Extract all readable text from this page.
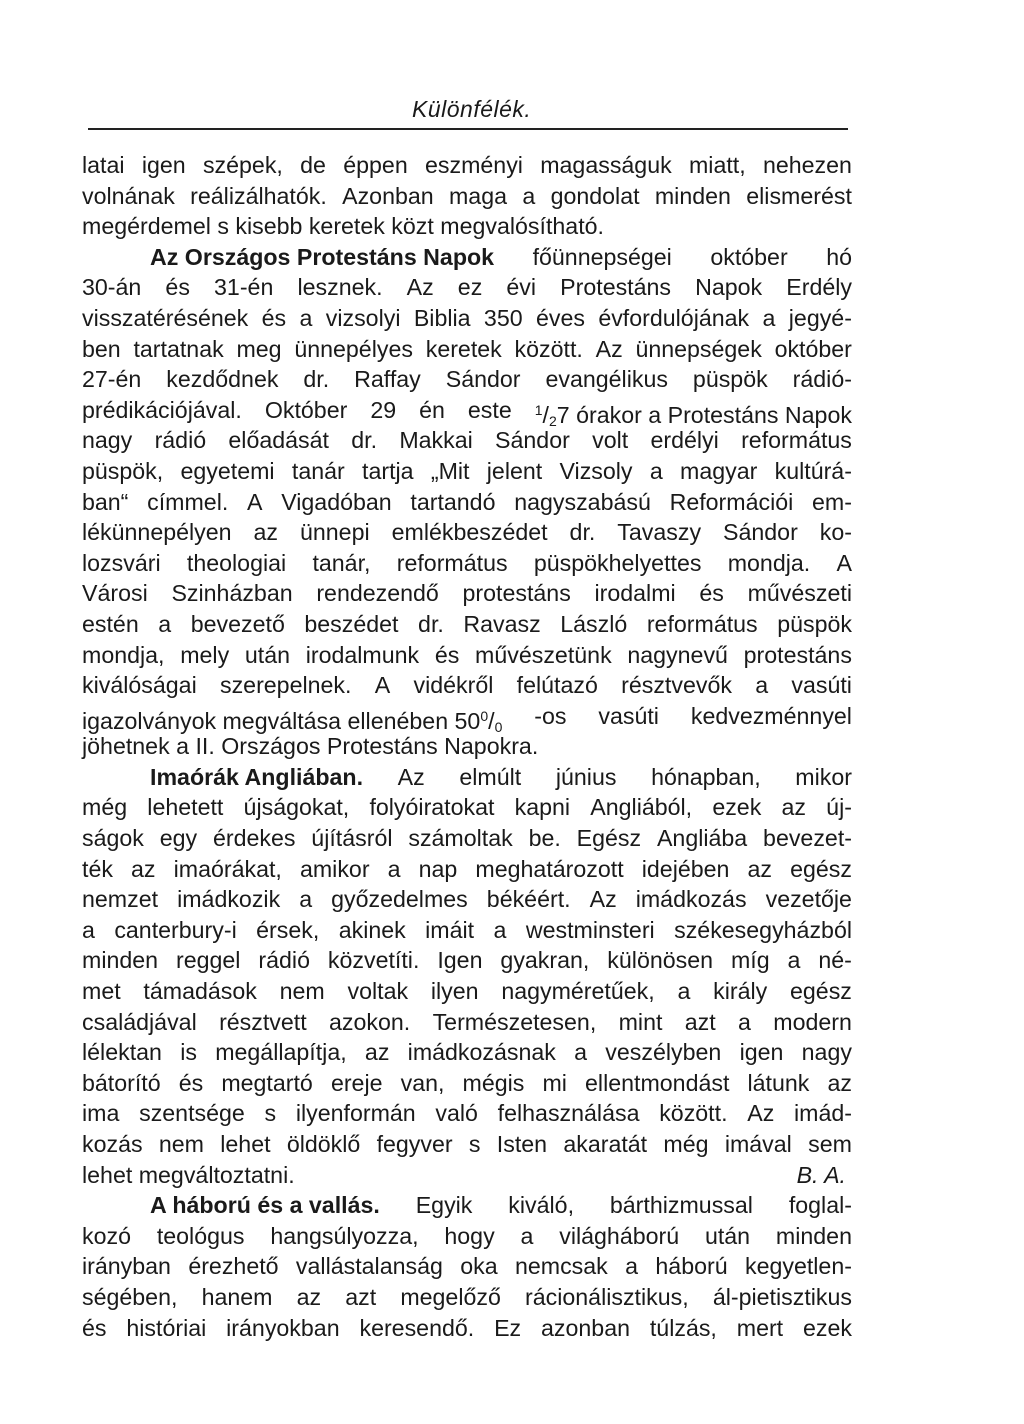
Különfélék.
latai igen szépek, de éppen eszményi magasságuk miatt, nehezen
volnának reálizálhatók. Azonban maga a gondolat minden elismerést
megérdemel s kisebb keretek közt megvalósítható.
Az Országos Protestáns Napok főünnepségei október hó
30-án és 31-én lesznek. Az ez évi Protestáns Napok Erdély
visszatérésének és a vizsolyi Biblia 350 éves évfordulójának a jegyé-
ben tartatnak meg ünnepélyes keretek között. Az ünnepségek október
27-én kezdődnek dr. Raffay Sándor evangélikus püspök rádió-
prédikációjával. Október 29 én este $^1/_27$ órakor a Protestáns Napok
nagy rádió előadását dr. Makkai Sándor volt erdélyi református
püspök, egyetemi tanár tartja „Mit jelent Vizsoly a magyar kultúrá-
ban“ címmel. A Vigadóban tartandó nagyszabású Reformációi em-
lékünnepélyen az ünnepi emlékbeszédet dr. Tavaszy Sándor ko-
lozsvári theologiai tanár, református püspökhelyettes mondja. A
Városi Szinházban rendezendő protestáns irodalmi és művészeti
estén a bevezető beszédet dr. Ravasz László református püspök
mondja, mely után irodalmunk és művészetünk nagynevű protestáns
kiválóságai szerepelnek. A vidékről felútazó résztvevők a vasúti
igazolványok megváltása ellenében $50^0/_0$ -os vasúti kedvezménnyel
jöhetnek a II. Országos Protestáns Napokra.
Imaórák Angliában. Az elmúlt június hónapban, mikor
még lehetett újságokat, folyóiratokat kapni Angliából, ezek az új-
ságok egy érdekes újításról számoltak be. Egész Angliába bevezet-
ték az imaórákat, amikor a nap meghatározott idejében az egész
nemzet imádkozik a győzedelmes békéért. Az imádkozás vezetője
a canterbury-i érsek, akinek imáit a westminsteri székesegyházból
minden reggel rádió közvetíti. Igen gyakran, különösen míg a né-
met támadások nem voltak ilyen nagyméretűek, a király egész
családjával résztvett azokon. Természetesen, mint azt a modern
lélektan is megállapítja, az imádkozásnak a veszélyben igen nagy
bátorító és megtartó ereje van, mégis mi ellentmondást látunk az
ima szentsége s ilyenformán való felhasználása között. Az imád-
kozás nem lehet öldöklő fegyver s Isten akaratát még imával sem
lehet megváltoztatni.	B. A.
A háború és a vallás. Egyik kiváló, bárthizmussal foglal-
kozó teológus hangsúlyozza, hogy a világháború után minden
irányban érezhető vallástalanság oka nemcsak a háború kegyetlen-
ségében, hanem az azt megelőző rácionálisztikus, ál-pietisztikus
és históriai irányokban keresendő. Ez azonban túlzás, mert ezek
